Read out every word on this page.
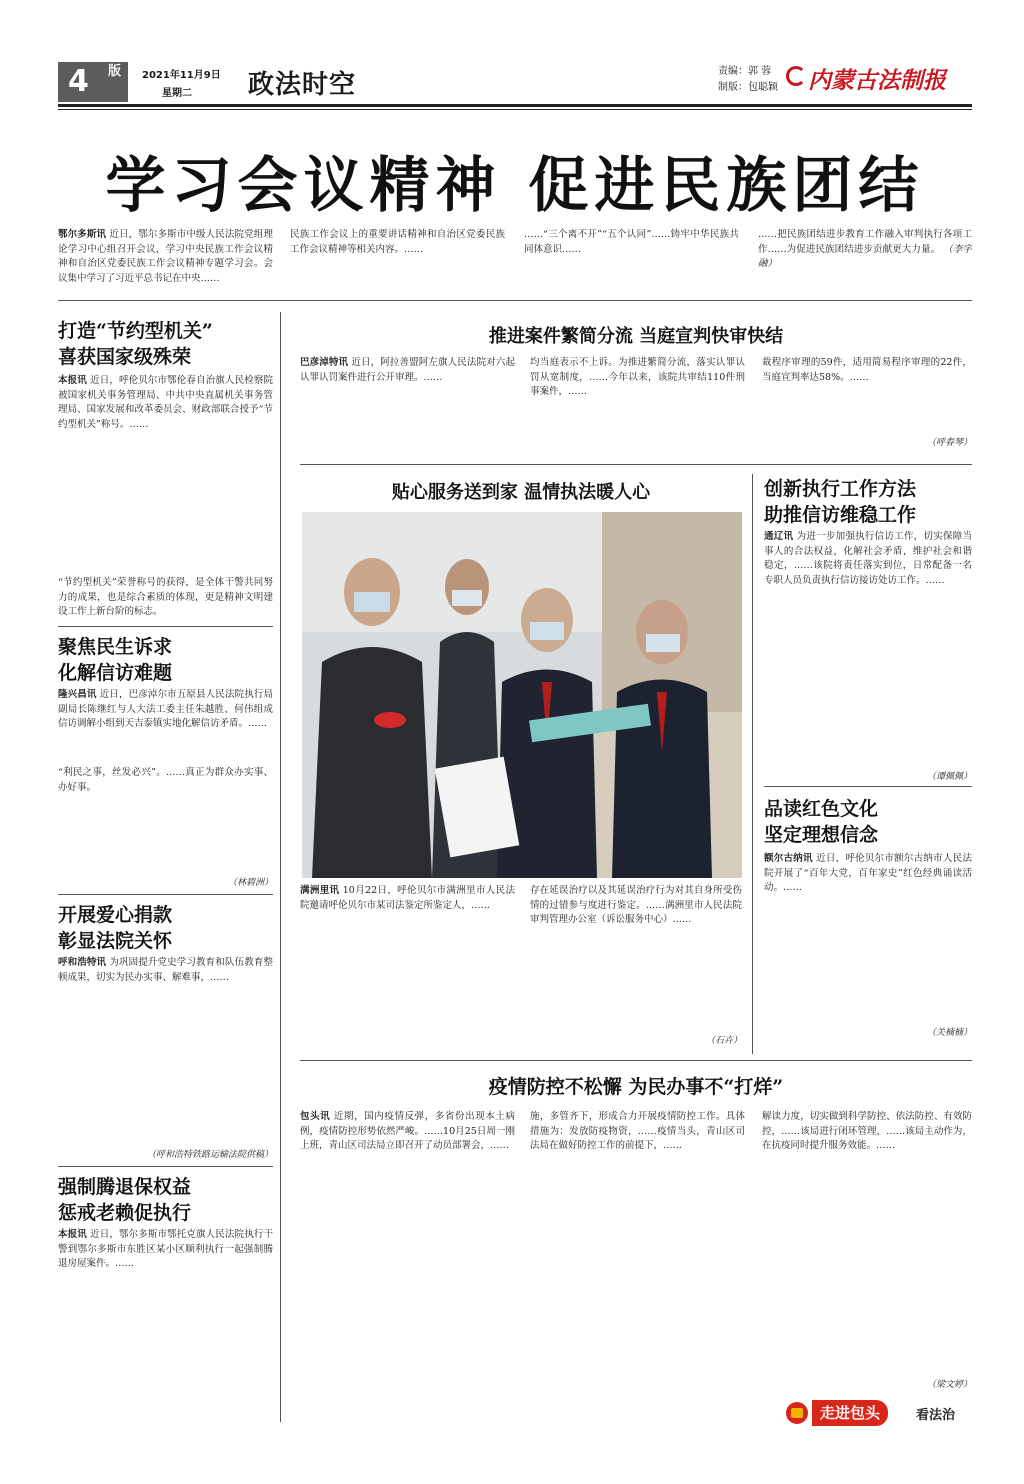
4 版 2021年11月9日
星期二 政法时空	责编：郭 蓉
制版：包聪颖 内蒙古法制报
学习会议精神 促进民族团结
鄂尔多斯讯 近日，鄂尔多斯市中级人民法院党组理论学习中心组召开会议，学习中央民族工作会议精神和自治区党委民族工作会议精神专题学习会。会议集中学习了习近平总书记在中央……
民族工作会议上的重要讲话精神和自治区党委民族工作会议精神等相关内容。……
……“三个离不开”“五个认同”……铸牢中华民族共同体意识……
……把民族团结进步教育工作融入审判执行各项工作……为促进民族团结进步贡献更大力量。 （李宇融）
打造“节约型机关”
喜获国家级殊荣
本报讯 近日，呼伦贝尔市鄂伦春自治旗人民检察院被国家机关事务管理局、中共中央直属机关事务管理局、国家发展和改革委员会、财政部联合授予“节约型机关”称号。……
“节约型机关”荣誉称号的获得，是全体干警共同努力的成果，也是综合素质的体现，更是精神文明建设工作上新台阶的标志。
聚焦民生诉求
化解信访难题
隆兴昌讯 近日，巴彦淖尔市五原县人民法院执行局副局长陈继红与人大法工委主任朱越胜、何伟组成信访调解小组到天吉泰镇实地化解信访矛盾。……
“利民之事，丝发必兴”。……真正为群众办实事、办好事。
（林碧洲）
开展爱心捐款
彰显法院关怀
呼和浩特讯 为巩固提升党史学习教育和队伍教育整顿成果，切实为民办实事、解难事，……
（呼和浩特铁路运输法院供稿）
强制腾退保权益
惩戒老赖促执行
本报讯 近日，鄂尔多斯市鄂托克旗人民法院执行干警到鄂尔多斯市东胜区某小区顺利执行一起强制腾退房屋案件。……
推进案件繁简分流 当庭宣判快审快结
巴彦淖特讯 近日，阿拉善盟阿左旗人民法院对六起认罪认罚案件进行公开审理。……
均当庭表示不上诉。为推进繁简分流，落实认罪认罚从宽制度，……今年以来，该院共审结110件刑事案件，……
裁程序审理的59件，适用简易程序审理的22件，当庭宣判率达58%。……
（呼春琴）
贴心服务送到家 温情执法暖人心
满洲里讯 10月22日，呼伦贝尔市满洲里市人民法院邀请呼伦贝尔市某司法鉴定所鉴定人，……
存在延误治疗以及其延误治疗行为对其自身所受伤情的过错参与度进行鉴定。……满洲里市人民法院审判管理办公室（诉讼服务中心）……
（石卉）
创新执行工作方法
助推信访维稳工作
通辽讯 为进一步加强执行信访工作，切实保障当事人的合法权益，化解社会矛盾，维护社会和谐稳定，……该院将责任落实到位，日常配备一名专职人员负责执行信访接访处访工作。……
（谭佩佩）
品读红色文化
坚定理想信念
额尔古纳讯 近日，呼伦贝尔市额尔古纳市人民法院开展了“百年大党，百年家史”红色经典诵读活动。……
（关楠楠）
疫情防控不松懈 为民办事不“打烊”
包头讯 近期，国内疫情反弹，多省份出现本土病例，疫情防控形势依然严峻。……10月25日周一刚上班，青山区司法局立即召开了动员部署会，……
施，多管齐下，形成合力开展疫情防控工作。具体措施为：发放防疫物资，……疫情当头，青山区司法局在做好防控工作的前提下，……
解读力度，切实做到科学防控、依法防控、有效防控，……该局进行闭环管理，……该局主动作为，在抗疫同时提升服务效能。……
（梁文婷）
走进包头	看法治
